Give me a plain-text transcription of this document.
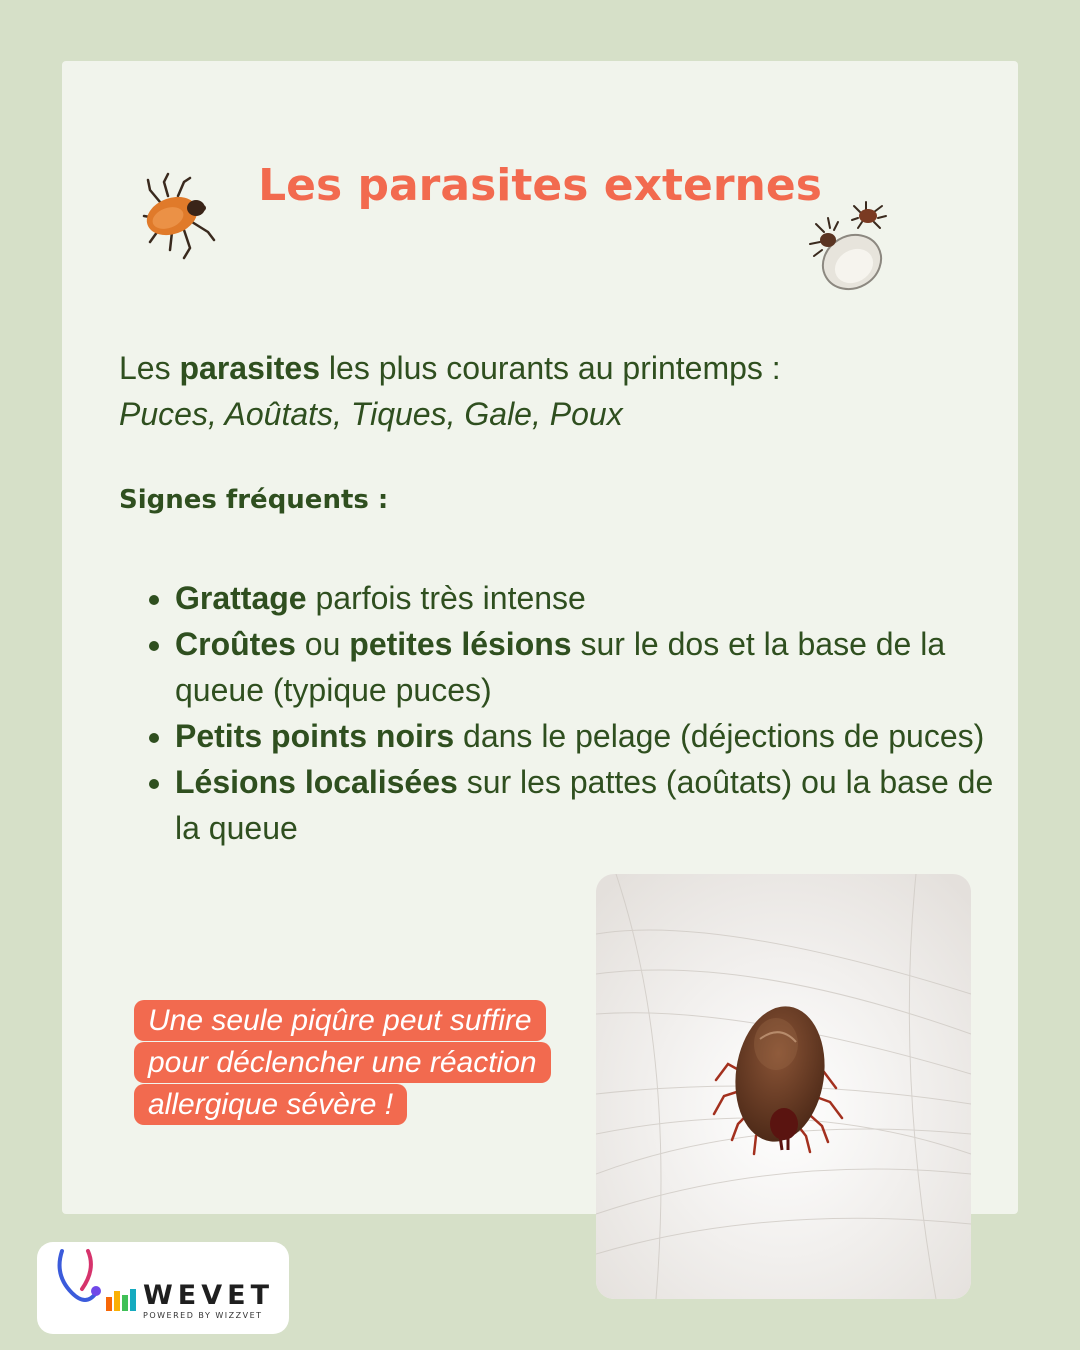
Les parasites externes
Les parasites les plus courants au printemps :
Puces, Aoûtats, Tiques, Gale, Poux
Signes fréquents :
• Grattage parfois très intense
• Croûtes ou petites lésions sur le dos et la base de la queue (typique puces)
• Petits points noirs dans le pelage (déjections de puces)
• Lésions localisées sur les pattes (aoûtats) ou la base de la queue
Une seule piqûre peut suffire pour déclencher une réaction allergique sévère !
WEVET
POWERED BY WIZZVET
